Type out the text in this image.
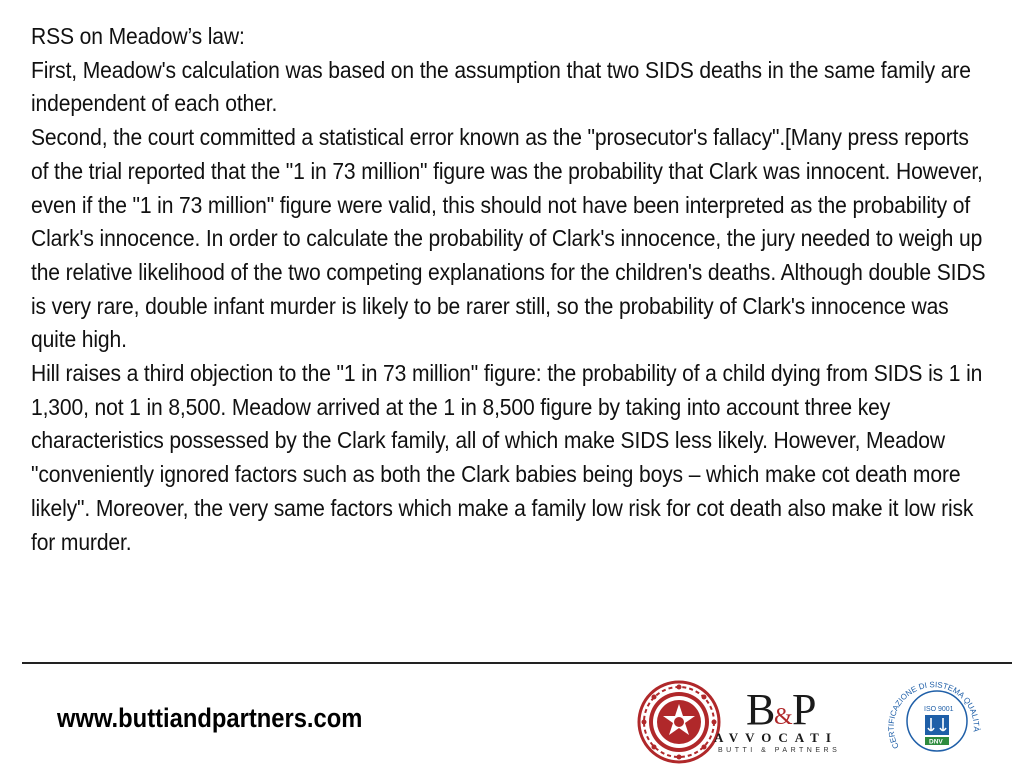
RSS on Meadow’s law:

First, Meadow's calculation was based on the assumption that two SIDS deaths in the same family are independent of each other.

Second, the court committed a statistical error known as the "prosecutor's fallacy".[Many press reports of the trial reported that the "1 in 73 million" figure was the probability that Clark was innocent. However, even if the "1 in 73 million" figure were valid, this should not have been interpreted as the probability of Clark's innocence. In order to calculate the probability of Clark's innocence, the jury needed to weigh up the relative likelihood of the two competing explanations for the children's deaths. Although double SIDS is very rare, double infant murder is likely to be rarer still, so the probability of Clark's innocence was quite high.

Hill raises a third objection to the "1 in 73 million" figure: the probability of a child dying from SIDS is 1 in 1,300, not 1 in 8,500. Meadow arrived at the 1 in 8,500 figure by taking into account three key characteristics possessed by the Clark family, all of which make SIDS less likely. However, Meadow "conveniently ignored factors such as both the Clark babies being boys – which make cot death more likely". Moreover, the very same factors which make a family low risk for cot death also make it low risk for murder.

www.buttiandpartners.com	B
& P
AVVOCATI
BUTTI & PARTNERS
CERTIFICAZIONE DI SISTEMA QUALITÀ
ISO 9001
DNV
